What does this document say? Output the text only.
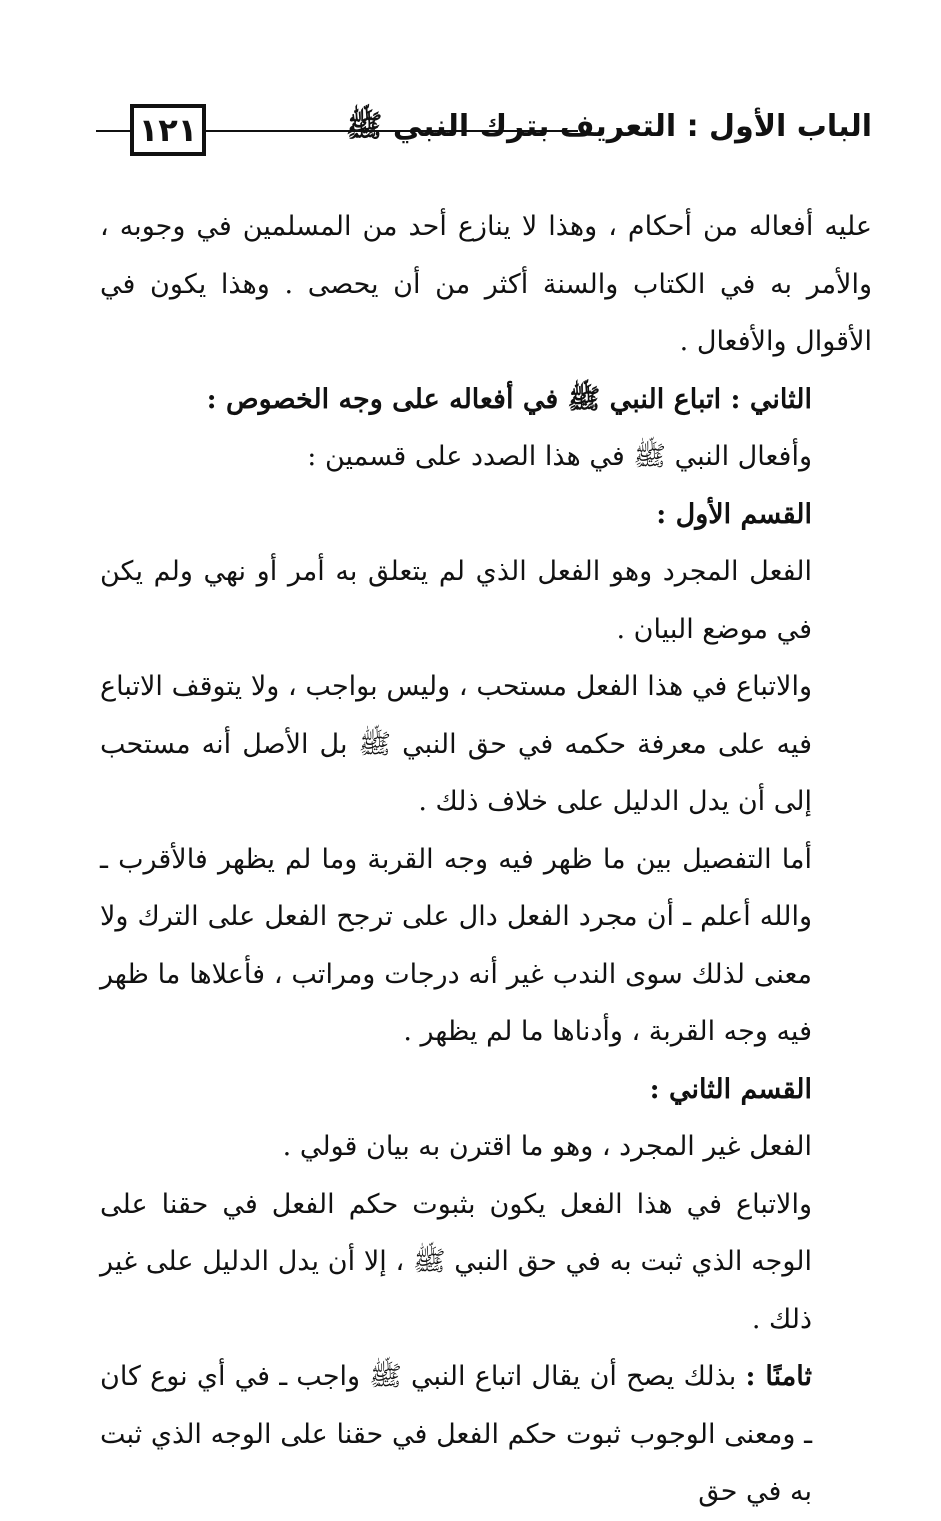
١٢١	الباب الأول : التعريف بترك النبي ﷺ

عليه أفعاله من أحكام ، وهذا لا ينازع أحد من المسلمين في وجوبه ، والأمر به في الكتاب والسنة أكثر من أن يحصى . وهذا يكون في الأقوال والأفعال .

الثاني : اتباع النبي ﷺ في أفعاله على وجه الخصوص :

وأفعال النبي ﷺ في هذا الصدد على قسمين :

القسم الأول :

الفعل المجرد وهو الفعل الذي لم يتعلق به أمر أو نهي ولم يكن في موضع البيان .

والاتباع في هذا الفعل مستحب ، وليس بواجب ، ولا يتوقف الاتباع فيه على معرفة حكمه في حق النبي ﷺ بل الأصل أنه مستحب إلى أن يدل الدليل على خلاف ذلك .

أما التفصيل بين ما ظهر فيه وجه القربة وما لم يظهر فالأقرب ـ والله أعلم ـ أن مجرد الفعل دال على ترجح الفعل على الترك ولا معنى لذلك سوى الندب غير أنه درجات ومراتب ، فأعلاها ما ظهر فيه وجه القربة ، وأدناها ما لم يظهر .

القسم الثاني :

الفعل غير المجرد ، وهو ما اقترن به بيان قولي .

والاتباع في هذا الفعل يكون بثبوت حكم الفعل في حقنا على الوجه الذي ثبت به في حق النبي ﷺ ، إلا أن يدل الدليل على غير ذلك .

ثامنًا : بذلك يصح أن يقال اتباع النبي ﷺ واجب ـ في أي نوع كان ـ ومعنى الوجوب ثبوت حكم الفعل في حقنا على الوجه الذي ثبت به في حق
